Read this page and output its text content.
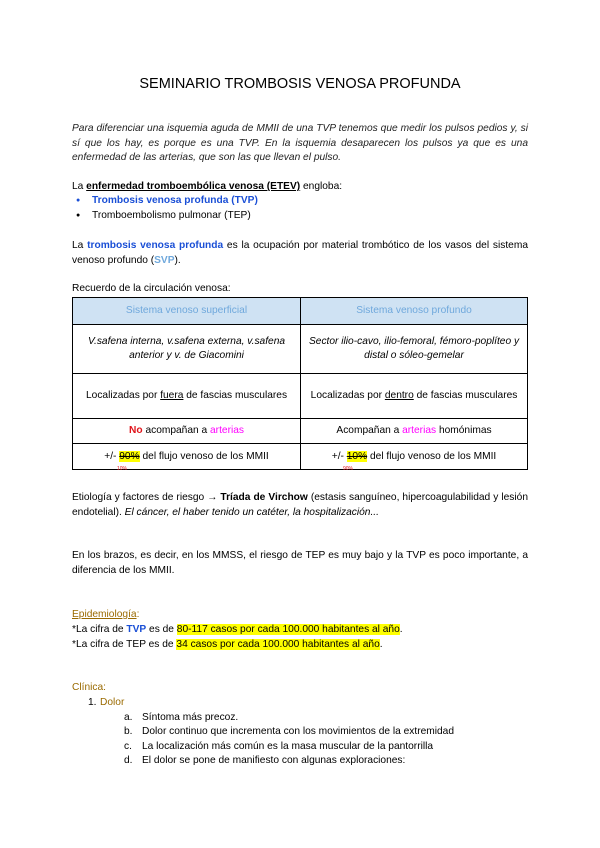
SEMINARIO TROMBOSIS VENOSA PROFUNDA

Para diferenciar una isquemia aguda de MMII de una TVP tenemos que medir los pulsos pedios y, si sí que los hay, es porque es una TVP. En la isquemia desaparecen los pulsos ya que es una enfermedad de las arterias, que son las que llevan el pulso.

La enfermedad tromboembólica venosa (ETEV) engloba:

● Trombosis venosa profunda (TVP)
● Tromboembolismo pulmonar (TEP)

La trombosis venosa profunda es la ocupación por material trombótico de los vasos del sistema venoso profundo (SVP).

Recuerdo de la circulación venosa:

Sistema venoso superficial	Sistema venoso profundo
V.safena interna, v.safena externa, v.safena anterior y v. de Giacomini	Sector ilio-cavo, ilio-femoral, fémoro-poplíteo y distal o sóleo-gemelar
Localizadas por fuera de fascias musculares	Localizadas por dentro de fascias musculares
No acompañan a arterias	Acompañan a arterias homónimas
+/- 90% del flujo venoso de los MMII	+/- 10% del flujo venoso de los MMII
10%	90%

Etiología y factores de riesgo → Tríada de Virchow (estasis sanguíneo, hipercoagulabilidad y lesión endotelial). El cáncer, el haber tenido un catéter, la hospitalización...

En los brazos, es decir, en los MMSS, el riesgo de TEP es muy bajo y la TVP es poco importante, a diferencia de los MMII.

Epidemiología:

*La cifra de TVP es de 80-117 casos por cada 100.000 habitantes al año.

*La cifra de TEP es de 34 casos por cada 100.000 habitantes al año.

Clínica:

1. Dolor
a. Síntoma más precoz.
b. Dolor continuo que incrementa con los movimientos de la extremidad
c. La localización más común es la masa muscular de la pantorrilla
d. El dolor se pone de manifiesto con algunas exploraciones:
